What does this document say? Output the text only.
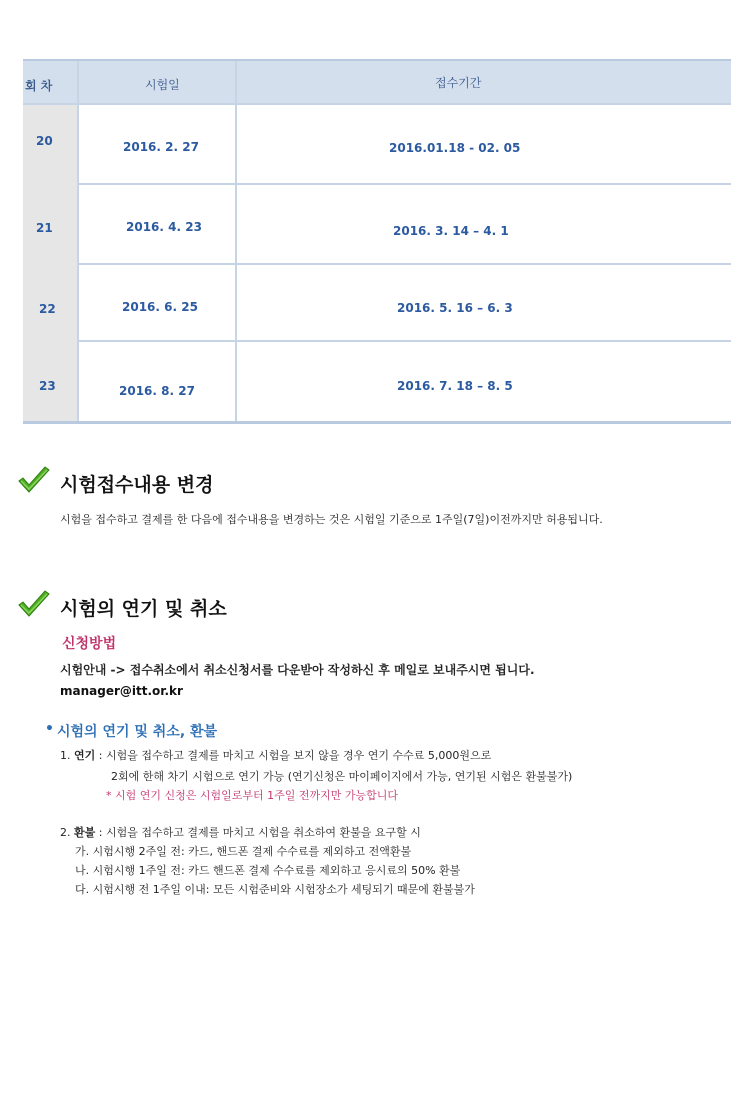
회 차	시험일	접수기간
20	2016. 2. 27	2016.01.18 - 02. 05
21	2016. 4. 23	2016. 3. 14 – 4. 1
22	2016. 6. 25	2016. 5. 16 – 6. 3
23	2016. 8. 27	2016. 7. 18 – 8. 5
시험접수내용 변경
시험을 접수하고 결제를 한 다음에 접수내용을 변경하는 것은 시험일 기준으로 1주일(7일)이전까지만 허용됩니다.
시험의 연기 및 취소
신청방법
시험안내 -> 접수취소에서 취소신청서를 다운받아 작성하신 후 메일로 보내주시면 됩니다.
manager@itt.or.kr
• 시험의 연기 및 취소, 환불
1. 연기 : 시험을 접수하고 결제를 마치고 시험을 보지 않을 경우 연기 수수료 5,000원으로
2회에 한해 차기 시험으로 연기 가능 (연기신청은 마이페이지에서 가능, 연기된 시험은 환불불가)
* 시험 연기 신청은 시험일로부터 1주일 전까지만 가능합니다
2. 환불 : 시험을 접수하고 결제를 마치고 시험을 취소하여 환불을 요구할 시
가. 시험시행 2주일 전: 카드, 핸드폰 결제 수수료를 제외하고 전액환불
나. 시험시행 1주일 전: 카드 핸드폰 결제 수수료를 제외하고 응시료의 50% 환불
다. 시험시행 전 1주일 이내: 모든 시험준비와 시험장소가 세팅되기 때문에 환불불가
